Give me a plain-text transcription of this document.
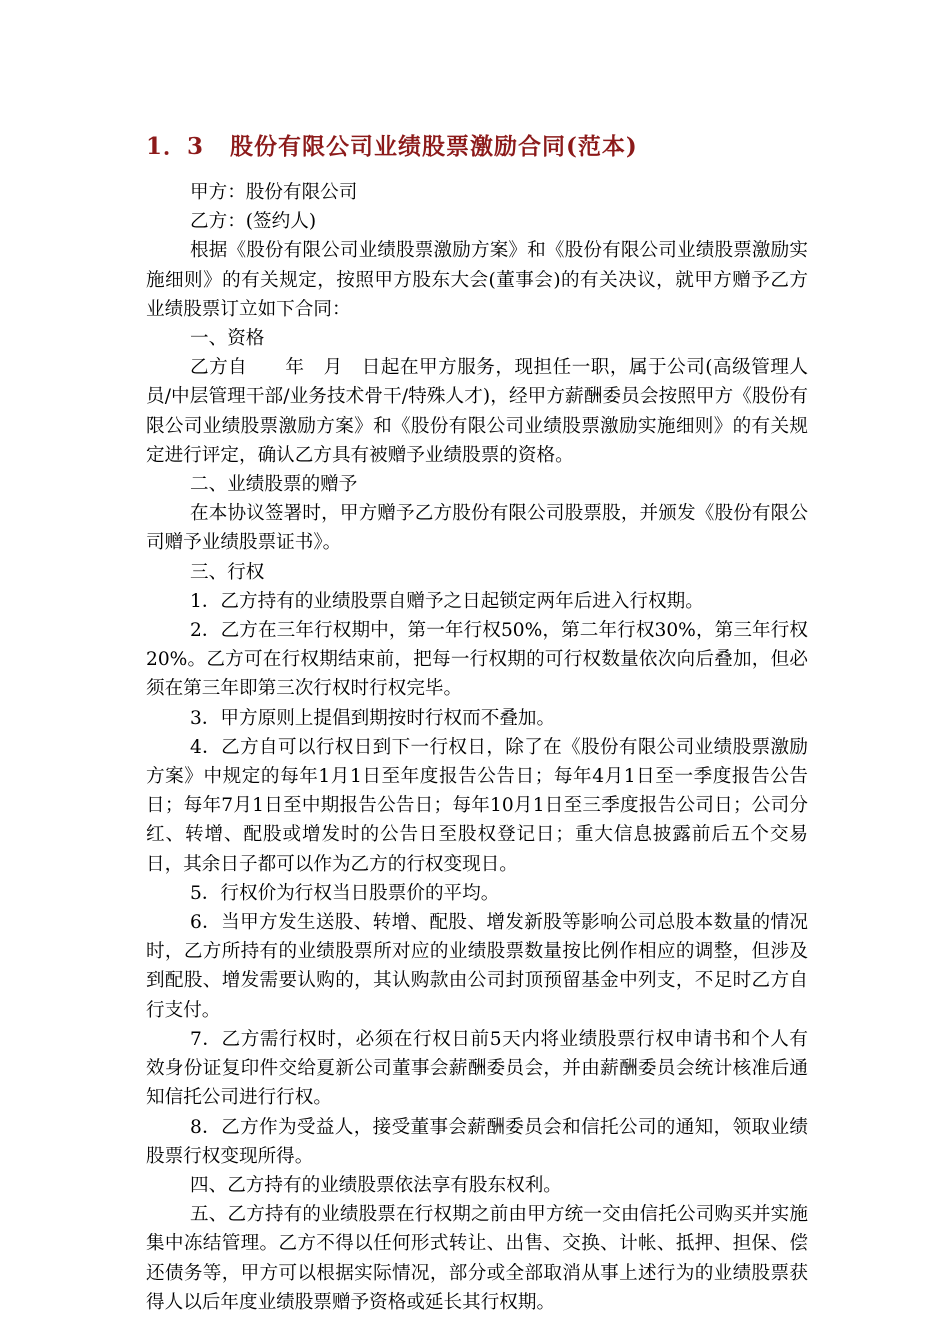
1．3 股份有限公司业绩股票激励合同(范本)

甲方：股份有限公司

乙方：(签约人)

根据《股份有限公司业绩股票激励方案》和《股份有限公司业绩股票激励实施细则》的有关规定，按照甲方股东大会(董事会)的有关决议，就甲方赠予乙方业绩股票订立如下合同：

一、资格

乙方自　　年　月　日起在甲方服务，现担任一职，属于公司(高级管理人员/中层管理干部/业务技术骨干/特殊人才)，经甲方薪酬委员会按照甲方《股份有限公司业绩股票激励方案》和《股份有限公司业绩股票激励实施细则》的有关规定进行评定，确认乙方具有被赠予业绩股票的资格。

二、业绩股票的赠予

在本协议签署时，甲方赠予乙方股份有限公司股票股，并颁发《股份有限公司赠予业绩股票证书》。

三、行权

1．乙方持有的业绩股票自赠予之日起锁定两年后进入行权期。

2．乙方在三年行权期中，第一年行权50%，第二年行权30%，第三年行权20%。乙方可在行权期结束前，把每一行权期的可行权数量依次向后叠加，但必须在第三年即第三次行权时行权完毕。

3．甲方原则上提倡到期按时行权而不叠加。

4．乙方自可以行权日到下一行权日，除了在《股份有限公司业绩股票激励方案》中规定的每年1月1日至年度报告公告日；每年4月1日至一季度报告公告日；每年7月1日至中期报告公告日；每年10月1日至三季度报告公司日；公司分红、转增、配股或增发时的公告日至股权登记日；重大信息披露前后五个交易日，其余日子都可以作为乙方的行权变现日。

5．行权价为行权当日股票价的平均。

6．当甲方发生送股、转增、配股、增发新股等影响公司总股本数量的情况时，乙方所持有的业绩股票所对应的业绩股票数量按比例作相应的调整，但涉及到配股、增发需要认购的，其认购款由公司封顶预留基金中列支，不足时乙方自行支付。

7．乙方需行权时，必须在行权日前5天内将业绩股票行权申请书和个人有效身份证复印件交给夏新公司董事会薪酬委员会，并由薪酬委员会统计核准后通知信托公司进行行权。

8．乙方作为受益人，接受董事会薪酬委员会和信托公司的通知，领取业绩股票行权变现所得。

四、乙方持有的业绩股票依法享有股东权利。

五、乙方持有的业绩股票在行权期之前由甲方统一交由信托公司购买并实施集中冻结管理。乙方不得以任何形式转让、出售、交换、计帐、抵押、担保、偿还债务等，甲方可以根据实际情况，部分或全部取消从事上述行为的业绩股票获得人以后年度业绩股票赠予资格或延长其行权期。
